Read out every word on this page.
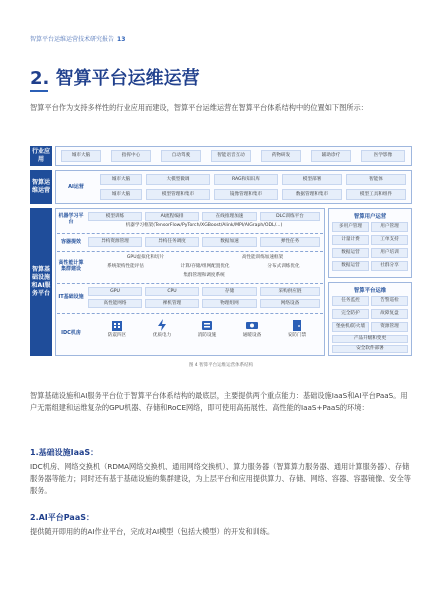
智算平台运维运营技术研究报告 13
2. 智算平台运维运营

智算平台作为支持多样性的行业应用而建设，智算平台运维运营在智算平台体系结构中的位置如下图所示：

行业应用
城市大脑	指挥中心	自动驾驶	智能语音互动	药物研发	辅助诊疗	医学影像
智算运维运营	AI运营
城市大脑	大模型微调	RAG和知识库	模型部署	智能体
城市大脑	模型管理和集市	镜像管理和集市	数据管理和集市	模型工具和组件
智算基础设施和AI服务平台
机器学习平台
模型训练	AI流程编排	在线推理加速	DLC训练平台
机器学习框架(TensorFlow/PyTorch/XGBoost/Alink/MPI/AIGraph/ODL/...)
容器提效	异构资源管理	异构任务调度	数据加速	弹性任务
高性能计算集群建设
GPU虚拟化和切片	高性能训练加速框架
系统架构性能评估	计算/存储/组网配置优化	分布式训练优化
集群管理和调度系统
IT基础设施
GPU	CPU	存储	采购供应链
高性能网络	裸机管理	物理组网	网络设备
IDC机房	防震四区	优质电力	消防设施	通暖设备	安防门禁
智算用户运营
多用户管理	用户管理
计量计费	工单支持
数据运营	用户培训
数据运营	社群分享
智算平台运维
任务监控	告警巡检
完全防护	故障复盘
堡垒机/防火墙	资源管理
产品升级和变更
安全软件部署
图 4 智算平台运维运营体系结构

智算基础设施和AI服务平台位于智算平台体系结构的最底层，主要提供两个重点能力：基础设施IaaS和AI平台PaaS。用户无需组建和运维复杂的GPU机器、存储和RoCE网络，即可使用高拓展性、高性能的IaaS+PaaS的环境：

1.基础设施IaaS：

IDC机房、网络交换机（RDMA网络交换机、通用网络交换机）、算力服务器（智算算力服务器、通用计算服务器）、存储服务器等能力；同时还有基于基础设施的集群建设，为上层平台和应用提供算力、存储、网络、容器、容器镜像、安全等服务。

2.AI平台PaaS：

提供随开即用的的AI作业平台，完成对AI模型（包括大模型）的开发和训练。
